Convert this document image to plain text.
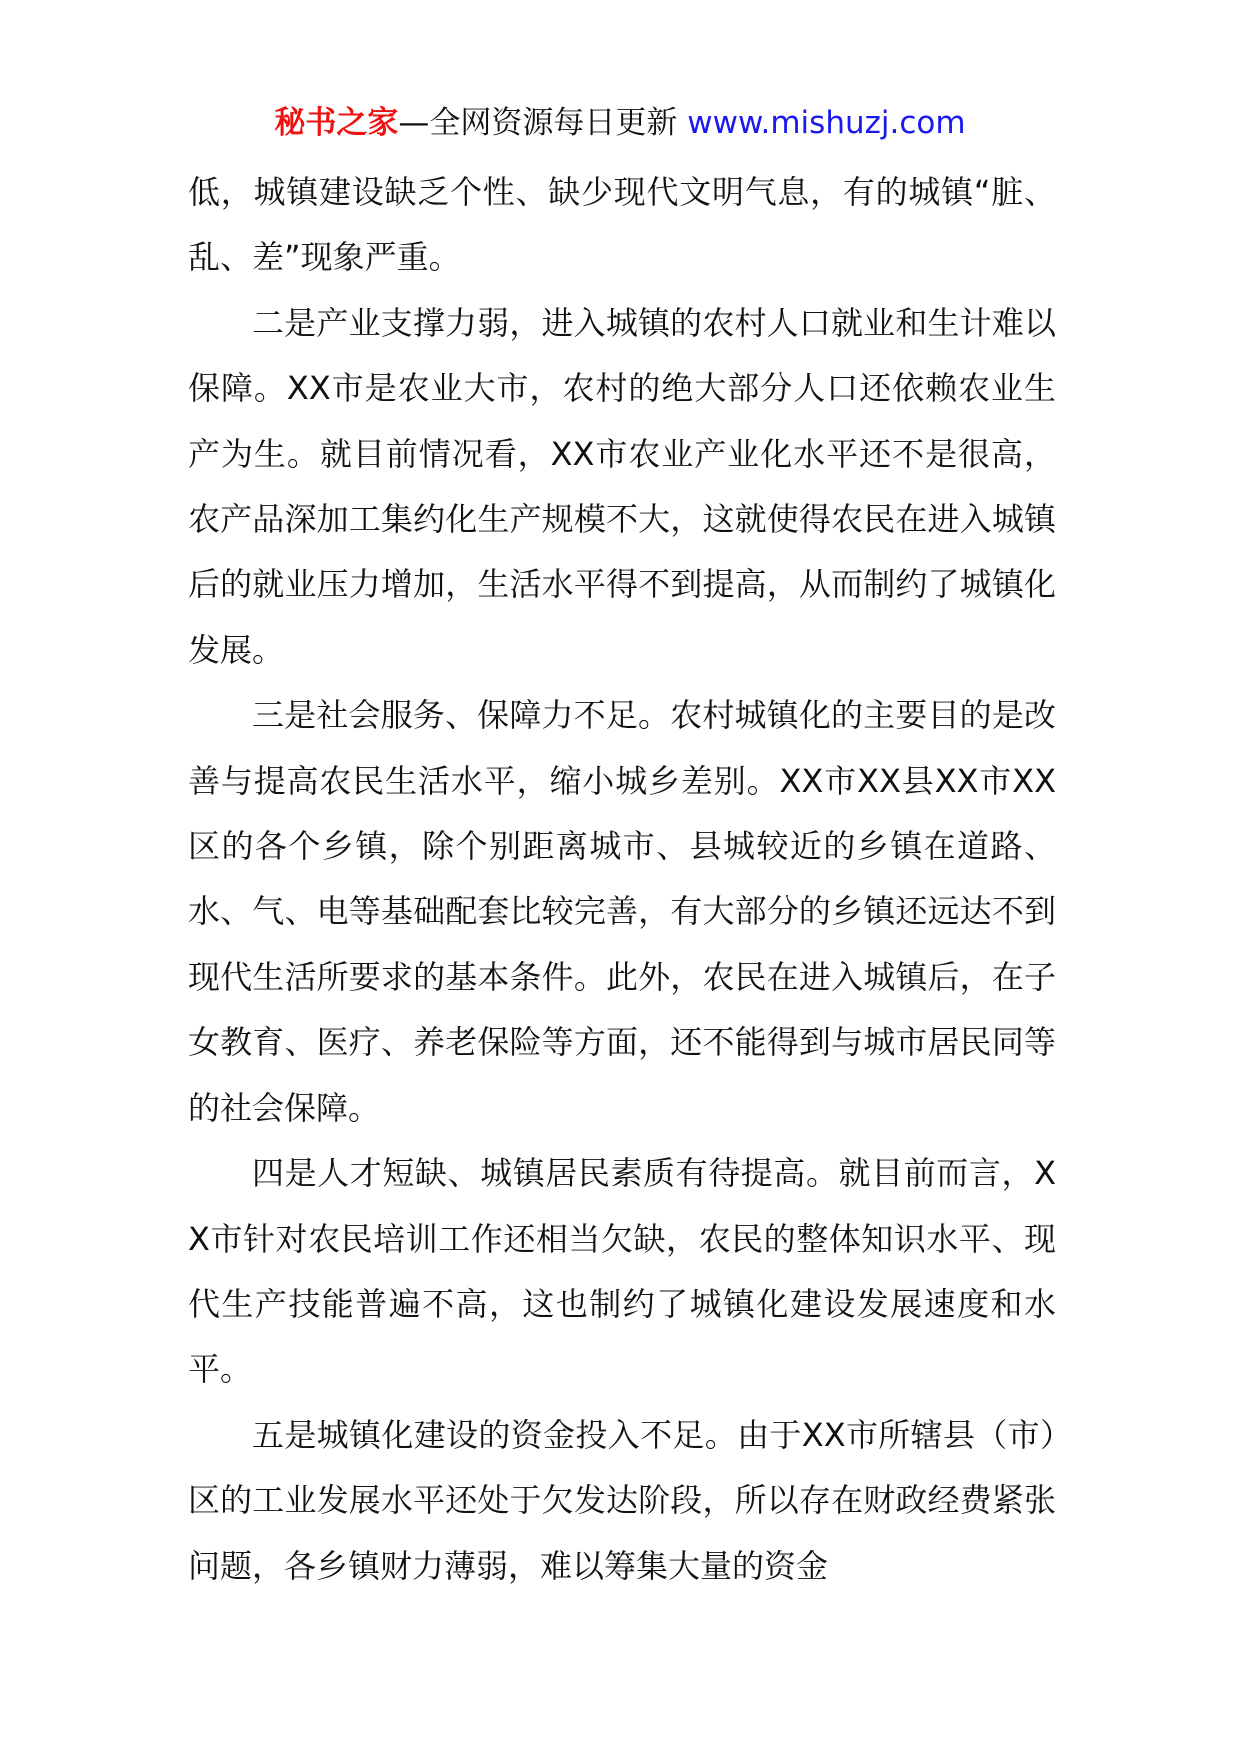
秘书之家—全网资源每日更新 www.mishuzj.com

低，城镇建设缺乏个性、缺少现代文明气息，有的城镇“脏、乱、差”现象严重。

二是产业支撑力弱，进入城镇的农村人口就业和生计难以保障。XX市是农业大市，农村的绝大部分人口还依赖农业生产为生。就目前情况看，XX市农业产业化水平还不是很高，农产品深加工集约化生产规模不大，这就使得农民在进入城镇后的就业压力增加，生活水平得不到提高，从而制约了城镇化发展。

三是社会服务、保障力不足。农村城镇化的主要目的是改善与提高农民生活水平，缩小城乡差别。XX市XX县XX市XX区的各个乡镇，除个别距离城市、县城较近的乡镇在道路、水、气、电等基础配套比较完善，有大部分的乡镇还远达不到现代生活所要求的基本条件。此外，农民在进入城镇后，在子女教育、医疗、养老保险等方面，还不能得到与城市居民同等的社会保障。

四是人才短缺、城镇居民素质有待提高。就目前而言，XX市针对农民培训工作还相当欠缺，农民的整体知识水平、现代生产技能普遍不高，这也制约了城镇化建设发展速度和水平。

五是城镇化建设的资金投入不足。由于XX市所辖县（市）区的工业发展水平还处于欠发达阶段，所以存在财政经费紧张问题，各乡镇财力薄弱，难以筹集大量的资金
